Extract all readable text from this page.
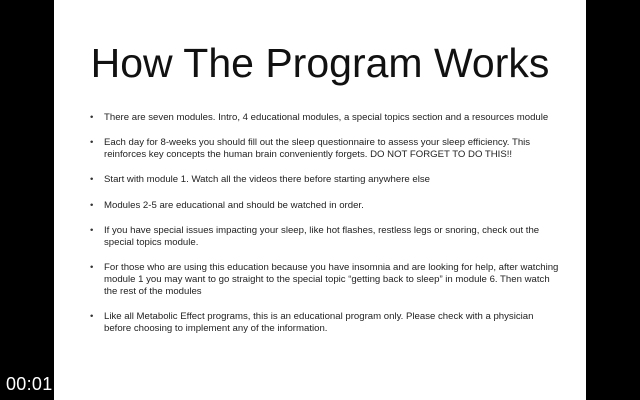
How The Program Works
•	There are seven modules. Intro, 4 educational modules, a special topics section and a resources module
•	Each day for 8-weeks you should fill out the sleep questionnaire to assess your sleep efficiency. This reinforces key concepts the human brain conveniently forgets. DO NOT FORGET TO DO THIS!!
•	Start with module 1. Watch all the videos there before starting anywhere else
•	Modules 2-5 are educational and should be watched in order.
•	If you have special issues impacting your sleep, like hot flashes, restless legs or snoring, check out the special topics module.
•	For those who are using this education because you have insomnia and are looking for help, after watching module 1 you may want to go straight to the special topic “getting back to sleep” in module 6. Then watch the rest of the modules
•	Like all Metabolic Effect programs, this is an educational program only. Please check with a physician before choosing to implement any of the information.
00:01
